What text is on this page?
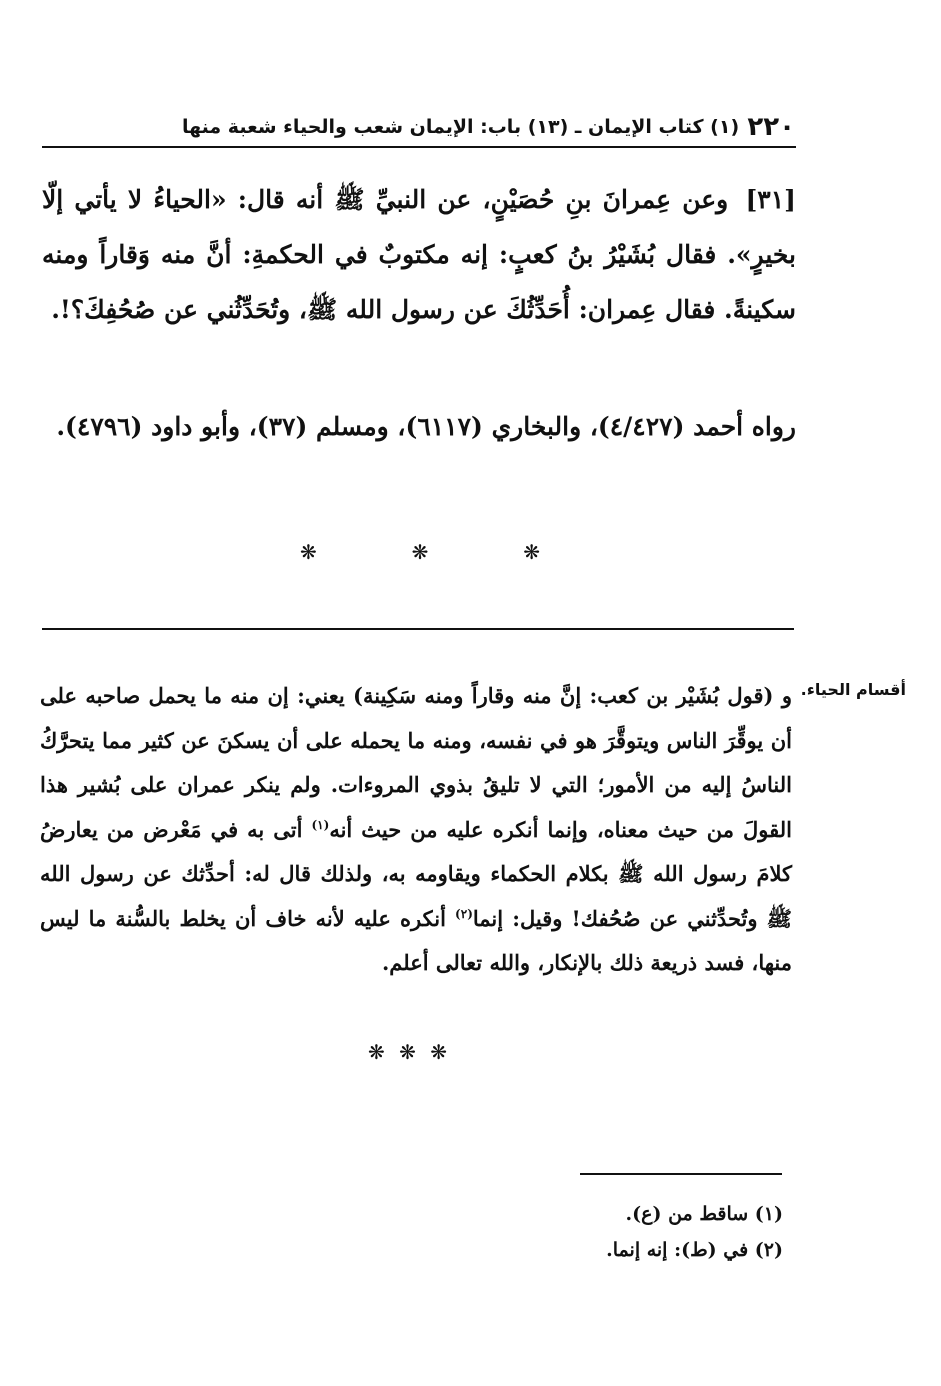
٢٢٠
(١) كتاب الإيمان ـ (١٣) باب: الإيمان شعب والحياء شعبة منها

[٣١] وعن عِمرانَ بنِ حُصَيْنٍ، عن النبيِّ ﷺ أنه قال: «الحياءُ لا يأتي إلّا بخيرٍ». فقال بُشَيْرُ بنُ كعبٍ: إنه مكتوبٌ في الحكمةِ: أنَّ منه وَقاراً ومنه سكينةً. فقال عِمران: أُحَدِّثُكَ عن رسول الله ﷺ، وتُحَدِّثُني عن صُحُفِكَ؟!.

رواه أحمد (٤/٤٢٧)، والبخاري (٦١١٧)، ومسلم (٣٧)، وأبو داود (٤٧٩٦).

❋
❋
❋
أقسام الحياء.

و (قول بُشَيْر بن كعب: إنَّ منه وقاراً ومنه سَكِينة) يعني: إن منه ما يحمل صاحبه على أن يوقِّرَ الناس ويتوقَّرَ هو في نفسه، ومنه ما يحمله على أن يسكنَ عن كثير مما يتحرَّكُ الناسُ إليه من الأمور؛ التي لا تليقُ بذوي المروءات. ولم ينكر عمران على بُشير هذا القولَ من حيث معناه، وإنما أنكره عليه من حيث أنه$^{(١)}$ أتى به في مَعْرض من يعارضُ كلامَ رسول الله ﷺ بكلام الحكماء ويقاومه به، ولذلك قال له: أحدِّثك عن رسول الله ﷺ وتُحدِّثني عن صُحُفك! وقيل: إنما$^{(٢)}$ أنكره عليه لأنه خاف أن يخلط بالسُّنة ما ليس منها، فسد ذريعة ذلك بالإنكار، والله تعالى أعلم.

❋ ❋ ❋
(١) ساقط من (ع).
(٢) في (ط): إنه إنما.
